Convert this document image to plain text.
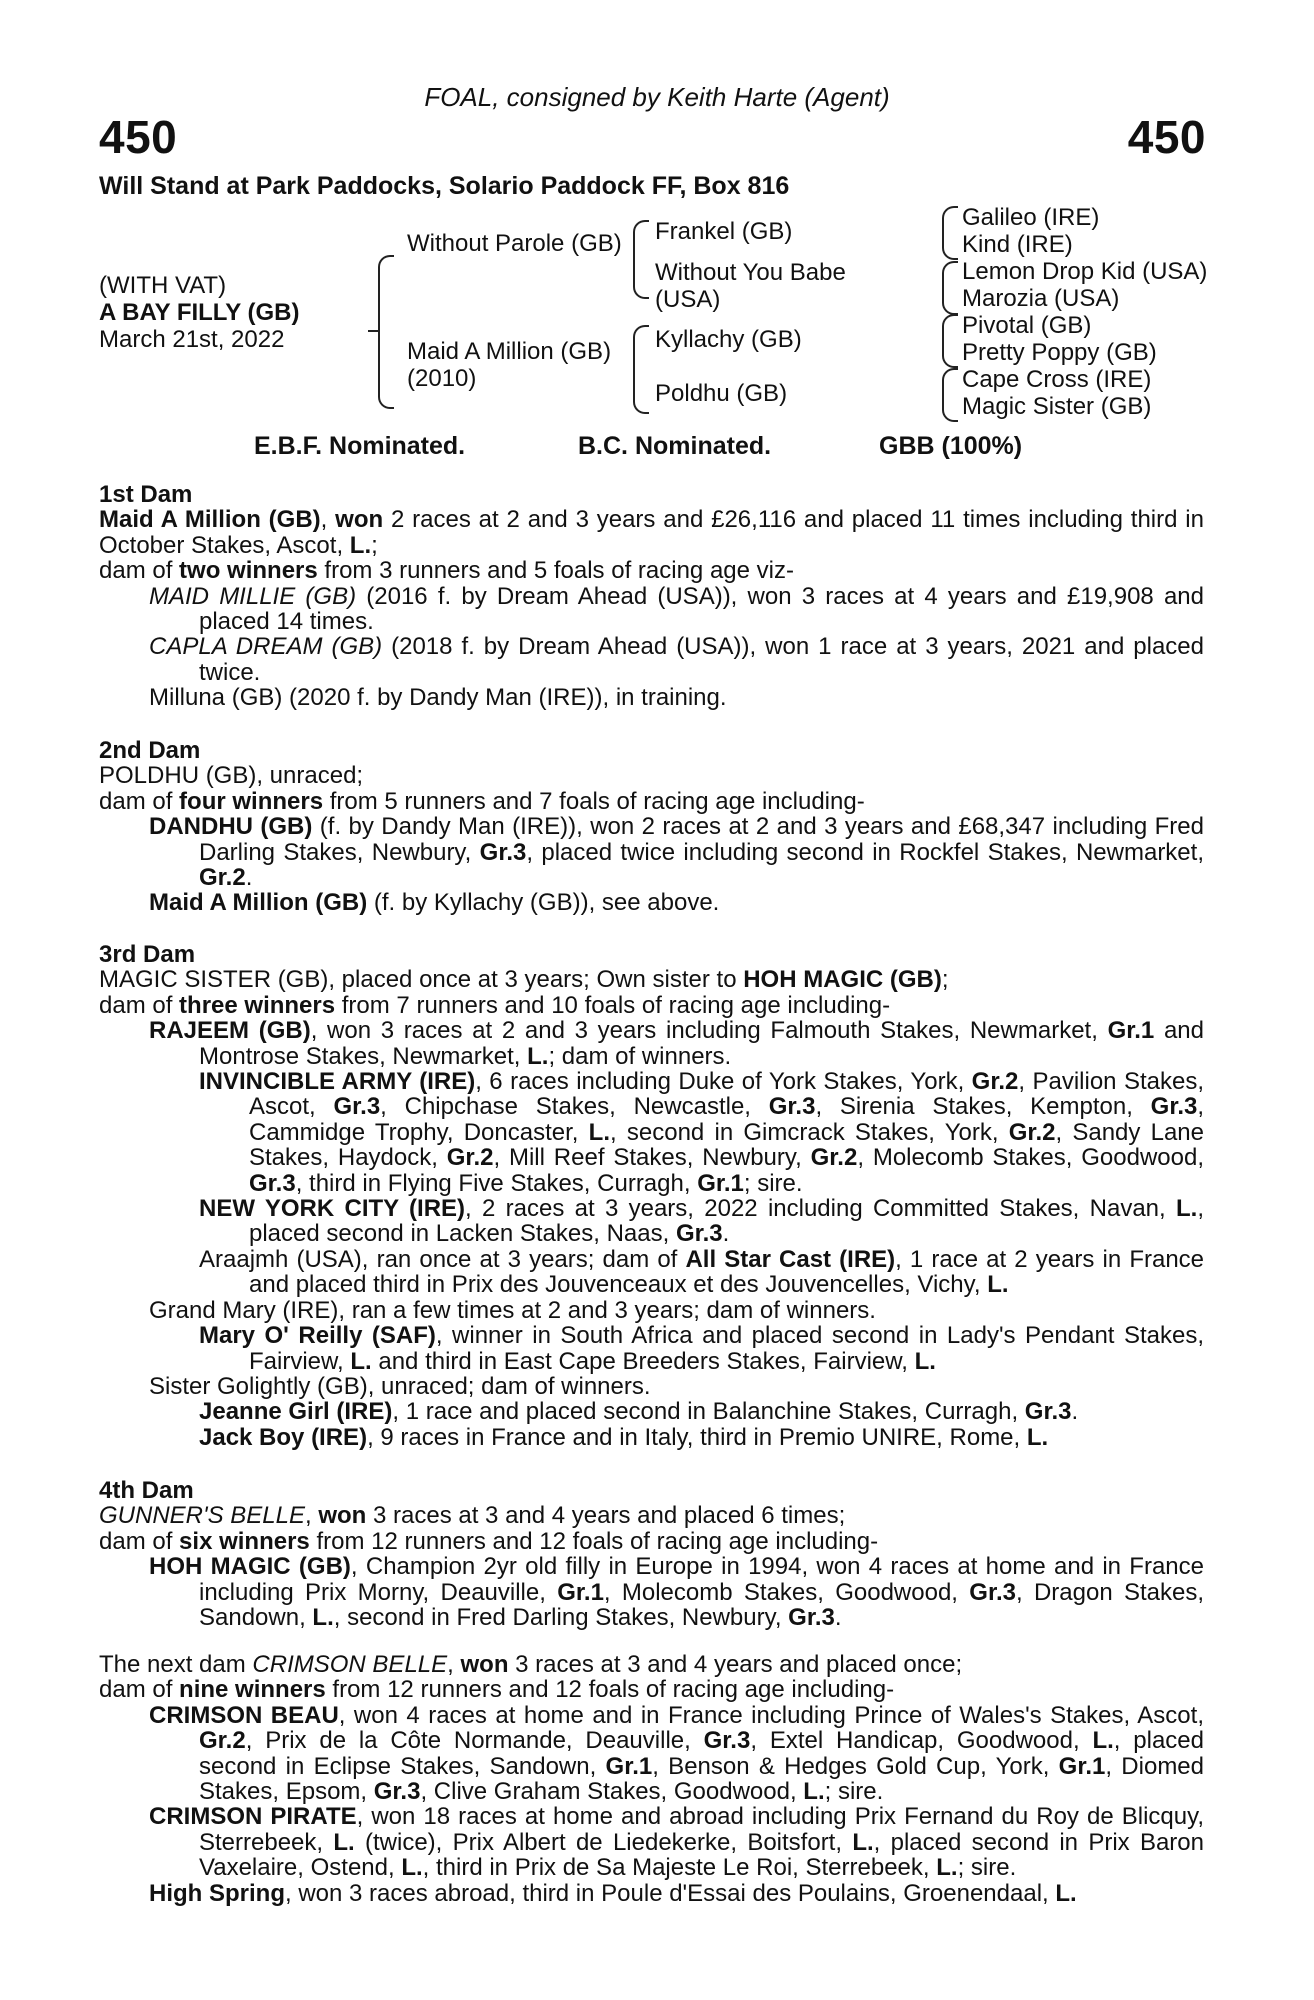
FOAL, consigned by Keith Harte (Agent)
450	450
Will Stand at Park Paddocks, Solario Paddock FF, Box 816
(WITH VAT)
A BAY FILLY (GB)
March 21st, 2022
Without Parole (GB)
Maid A Million (GB) (2010)
Frankel (GB)
Without You Babe (USA)
Kyllachy (GB)
Poldhu (GB)
Galileo (IRE)
Kind (IRE)
Lemon Drop Kid (USA)
Marozia (USA)
Pivotal (GB)
Pretty Poppy (GB)
Cape Cross (IRE)
Magic Sister (GB)
E.B.F. Nominated.	B.C. Nominated.	GBB (100%)

1st Dam

Maid A Million (GB), won 2 races at 2 and 3 years and £26,116 and placed 11 times including third in October Stakes, Ascot, L.;

dam of two winners from 3 runners and 5 foals of racing age viz-

MAID MILLIE (GB) (2016 f. by Dream Ahead (USA)), won 3 races at 4 years and £19,908 and placed 14 times.

CAPLA DREAM (GB) (2018 f. by Dream Ahead (USA)), won 1 race at 3 years, 2021 and placed twice.

Milluna (GB) (2020 f. by Dandy Man (IRE)), in training.

2nd Dam

POLDHU (GB), unraced;

dam of four winners from 5 runners and 7 foals of racing age including-

DANDHU (GB) (f. by Dandy Man (IRE)), won 2 races at 2 and 3 years and £68,347 including Fred Darling Stakes, Newbury, Gr.3, placed twice including second in Rockfel Stakes, Newmarket, Gr.2.

Maid A Million (GB) (f. by Kyllachy (GB)), see above.

3rd Dam

MAGIC SISTER (GB), placed once at 3 years; Own sister to HOH MAGIC (GB);

dam of three winners from 7 runners and 10 foals of racing age including-

RAJEEM (GB), won 3 races at 2 and 3 years including Falmouth Stakes, Newmarket, Gr.1 and Montrose Stakes, Newmarket, L.; dam of winners.

INVINCIBLE ARMY (IRE), 6 races including Duke of York Stakes, York, Gr.2, Pavilion Stakes, Ascot, Gr.3, Chipchase Stakes, Newcastle, Gr.3, Sirenia Stakes, Kempton, Gr.3, Cammidge Trophy, Doncaster, L., second in Gimcrack Stakes, York, Gr.2, Sandy Lane Stakes, Haydock, Gr.2, Mill Reef Stakes, Newbury, Gr.2, Molecomb Stakes, Goodwood, Gr.3, third in Flying Five Stakes, Curragh, Gr.1; sire.

NEW YORK CITY (IRE), 2 races at 3 years, 2022 including Committed Stakes, Navan, L., placed second in Lacken Stakes, Naas, Gr.3.

Araajmh (USA), ran once at 3 years; dam of All Star Cast (IRE), 1 race at 2 years in France and placed third in Prix des Jouvenceaux et des Jouvencelles, Vichy, L.

Grand Mary (IRE), ran a few times at 2 and 3 years; dam of winners.

Mary O' Reilly (SAF), winner in South Africa and placed second in Lady's Pendant Stakes, Fairview, L. and third in East Cape Breeders Stakes, Fairview, L.

Sister Golightly (GB), unraced; dam of winners.

Jeanne Girl (IRE), 1 race and placed second in Balanchine Stakes, Curragh, Gr.3.

Jack Boy (IRE), 9 races in France and in Italy, third in Premio UNIRE, Rome, L.

4th Dam

GUNNER'S BELLE, won 3 races at 3 and 4 years and placed 6 times;

dam of six winners from 12 runners and 12 foals of racing age including-

HOH MAGIC (GB), Champion 2yr old filly in Europe in 1994, won 4 races at home and in France including Prix Morny, Deauville, Gr.1, Molecomb Stakes, Goodwood, Gr.3, Dragon Stakes, Sandown, L., second in Fred Darling Stakes, Newbury, Gr.3.

The next dam CRIMSON BELLE, won 3 races at 3 and 4 years and placed once;

dam of nine winners from 12 runners and 12 foals of racing age including-

CRIMSON BEAU, won 4 races at home and in France including Prince of Wales's Stakes, Ascot, Gr.2, Prix de la Côte Normande, Deauville, Gr.3, Extel Handicap, Goodwood, L., placed second in Eclipse Stakes, Sandown, Gr.1, Benson & Hedges Gold Cup, York, Gr.1, Diomed Stakes, Epsom, Gr.3, Clive Graham Stakes, Goodwood, L.; sire.

CRIMSON PIRATE, won 18 races at home and abroad including Prix Fernand du Roy de Blicquy, Sterrebeek, L. (twice), Prix Albert de Liedekerke, Boitsfort, L., placed second in Prix Baron Vaxelaire, Ostend, L., third in Prix de Sa Majeste Le Roi, Sterrebeek, L.; sire.

High Spring, won 3 races abroad, third in Poule d'Essai des Poulains, Groenendaal, L.
